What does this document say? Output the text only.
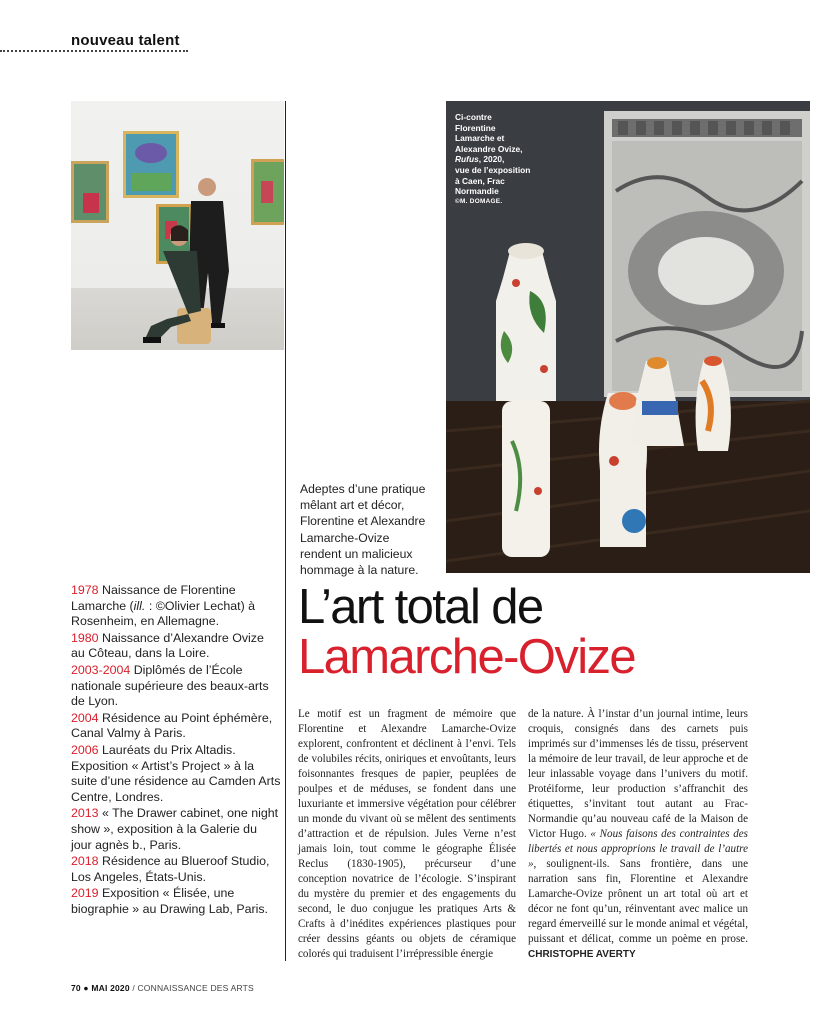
nouveau talent
Ci-contre
Florentine
Lamarche et
Alexandre Ovize,
Rufus, 2020,
vue de l’exposition
à Caen, Frac
Normandie
©M. DOMAGE.
Adeptes d’une pratique
mêlant art et décor,
Florentine et Alexandre
Lamarche-Ovize
rendent un malicieux
hommage à la nature.
L’art total de
Lamarche-Ovize
1978 Naissance de Florentine Lamarche (ill. : ©Olivier Lechat) à Rosenheim, en Allemagne.
1980 Naissance d’Alexandre Ovize au Côteau, dans la Loire.
2003-2004 Diplômés de l’École nationale supérieure des beaux-arts de Lyon.
2004 Résidence au Point éphémère, Canal Valmy à Paris.
2006 Lauréats du Prix Altadis. Exposition « Artist’s Project » à la suite d’une résidence au Camden Arts Centre, Londres.
2013 « The Drawer cabinet, one night show », exposition à la Galerie du jour agnès b., Paris.
2018 Résidence au Blueroof Studio, Los Angeles, États-Unis.
2019 Exposition « Élisée, une biographie » au Drawing Lab, Paris.
Le motif est un fragment de mémoire que Florentine et Alexandre Lamarche-Ovize explorent, confrontent et déclinent à l’envi. Tels de volubiles récits, oniriques et envoûtants, leurs foisonnantes fresques de papier, peuplées de poulpes et de méduses, se fondent dans une luxuriante et immersive végétation pour célébrer un monde du vivant où se mêlent des sentiments d’attraction et de répulsion. Jules Verne n’est jamais loin, tout comme le géographe Élisée Reclus (1830-1905), précurseur d’une conception novatrice de l’écologie. S’inspirant du mystère du premier et des engagements du second, le duo conjugue les pratiques Arts & Crafts à d’inédites expériences plastiques pour créer dessins géants ou objets de céramique colorés qui traduisent l’irrépressible énergie
de la nature. À l’instar d’un journal intime, leurs croquis, consignés dans des carnets puis imprimés sur d’immenses lés de tissu, préservent la mémoire de leur travail, de leur approche et de leur inlassable voyage dans l’univers du motif. Protéiforme, leur production s’affranchit des étiquettes, s’invitant tout autant au Frac-Normandie qu’au nouveau café de la Maison de Victor Hugo. « Nous faisons des contraintes des libertés et nous approprions le travail de l’autre », soulignent-ils. Sans frontière, dans une narration sans fin, Florentine et Alexandre Lamarche-Ovize prônent un art total où art et décor ne font qu’un, réinventant avec malice un regard émerveillé sur le monde animal et végétal, puissant et délicat, comme un poème en prose. CHRISTOPHE AVERTY
70 ● MAI 2020 / CONNAISSANCE DES ARTS
